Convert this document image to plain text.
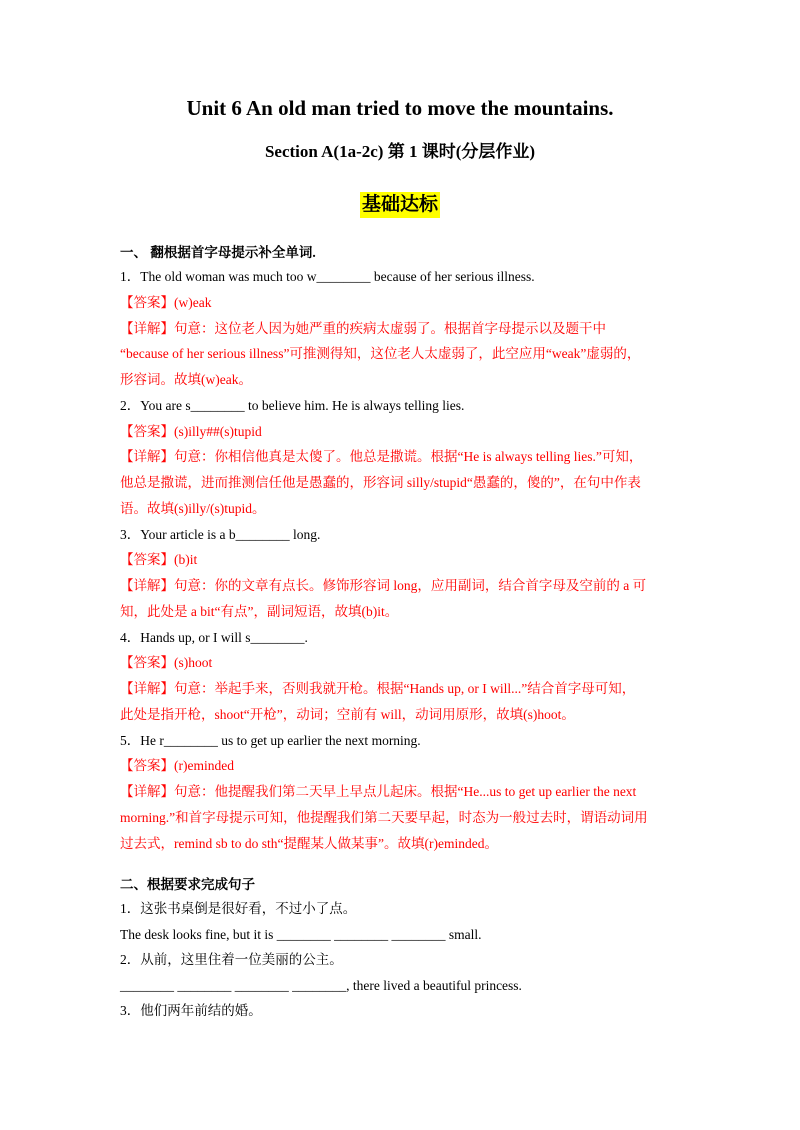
Unit 6 An old man tried to move the mountains.
Section A(1a-2c) 第 1 课时(分层作业)
基础达标
一、 翻根据首字母提示补全单词.
1．The old woman was much too w________ because of her serious illness.
【答案】(w)eak
【详解】句意：这位老人因为她严重的疾病太虚弱了。根据首字母提示以及题干中
“because of her serious illness”可推测得知，这位老人太虚弱了，此空应用“weak”虚弱的，
形容词。故填(w)eak。
2．You are s________ to believe him. He is always telling lies.
【答案】(s)illy##(s)tupid
【详解】句意：你相信他真是太傻了。他总是撒谎。根据“He is always telling lies.”可知，
他总是撒谎，进而推测信任他是愚蠢的，形容词 silly/stupid“愚蠢的，傻的”，在句中作表
语。故填(s)illy/(s)tupid。
3．Your article is a b________ long.
【答案】(b)it
【详解】句意：你的文章有点长。修饰形容词 long，应用副词，结合首字母及空前的 a 可
知，此处是 a bit“有点”，副词短语，故填(b)it。
4．Hands up, or I will s________.
【答案】(s)hoot
【详解】句意：举起手来，否则我就开枪。根据“Hands up, or I will...”结合首字母可知，
此处是指开枪，shoot“开枪”，动词；空前有 will，动词用原形，故填(s)hoot。
5．He r________ us to get up earlier the next morning.
【答案】(r)eminded
【详解】句意：他提醒我们第二天早上早点儿起床。根据“He...us to get up earlier the next
morning.”和首字母提示可知，他提醒我们第二天要早起，时态为一般过去时，谓语动词用
过去式，remind sb to do sth“提醒某人做某事”。故填(r)eminded。
二、根据要求完成句子
1．这张书桌倒是很好看，不过小了点。
The desk looks fine, but it is ________ ________ ________ small.
2．从前，这里住着一位美丽的公主。
________ ________ ________ ________, there lived a beautiful princess.
3．他们两年前结的婚。
